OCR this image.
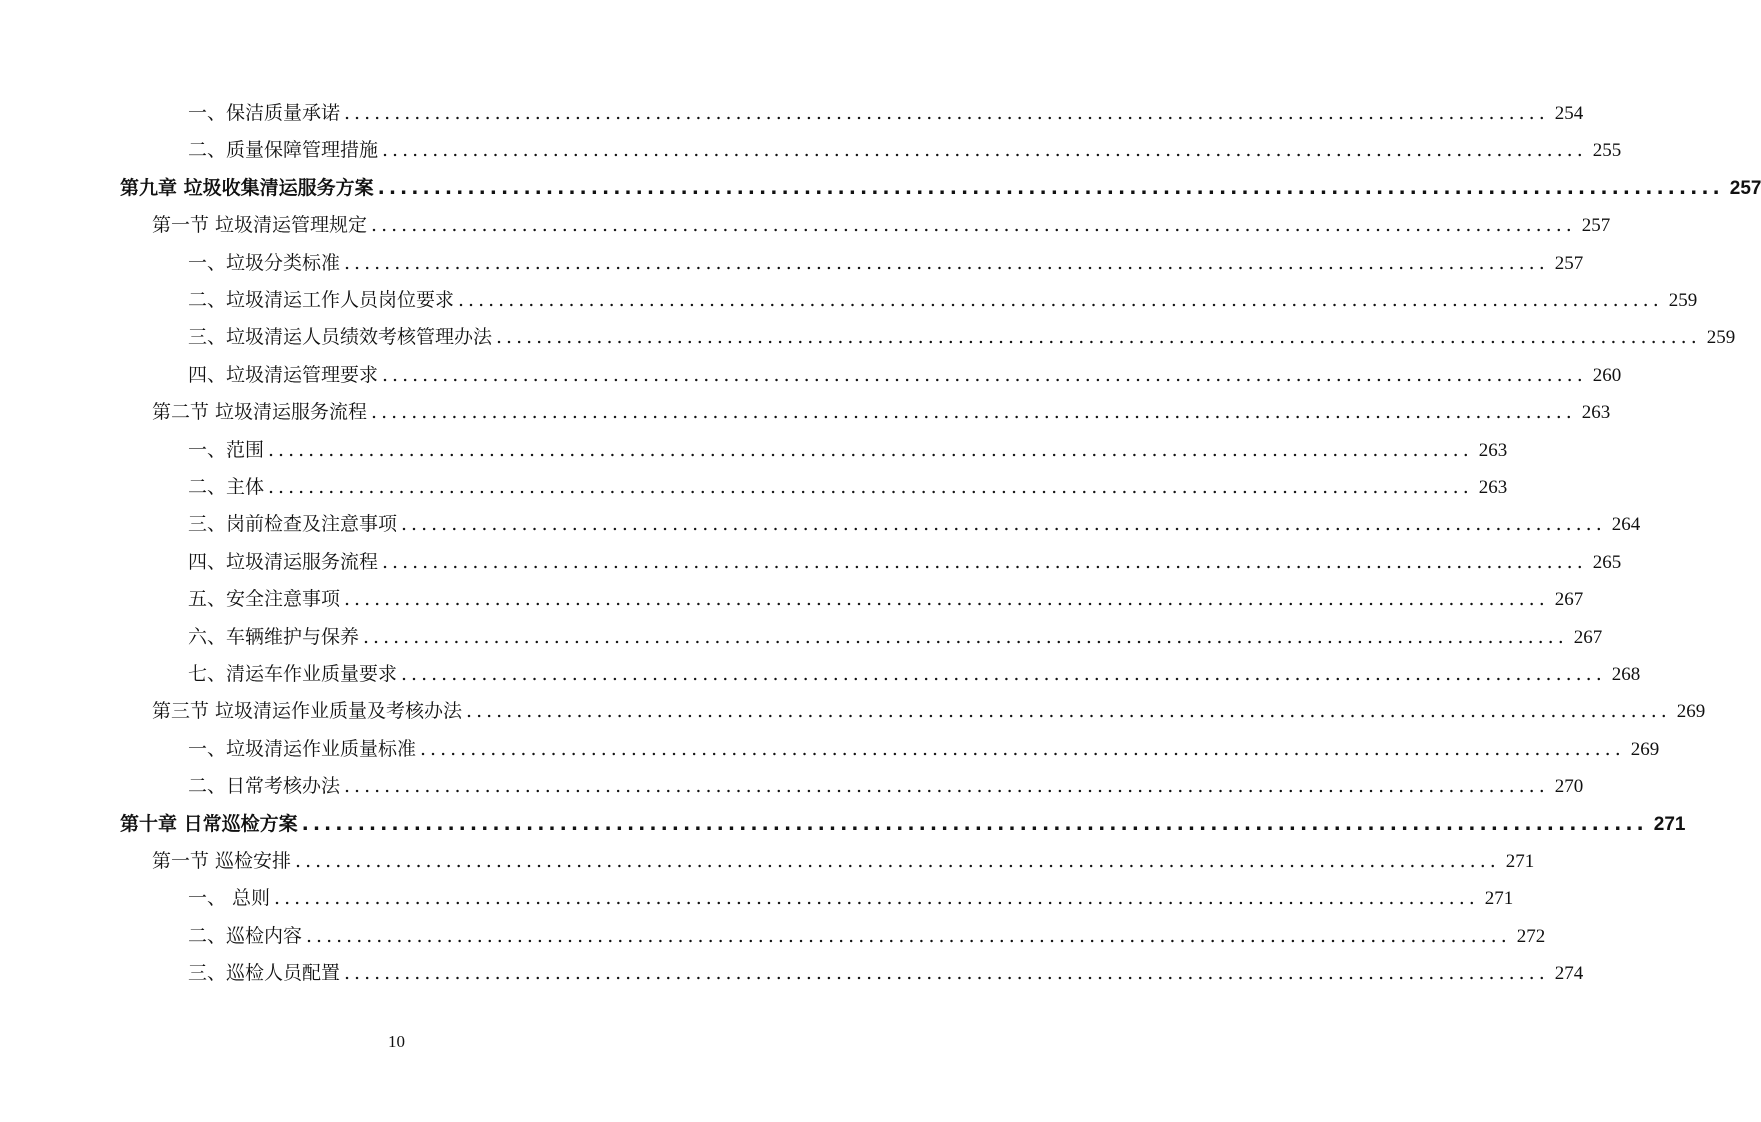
一、保洁质量承诺 ........................................................................................................................ 254
二、质量保障管理措施 ........................................................................................................................ 255
第九章 垃圾收集清运服务方案 ........................................................................................................................ 257
第一节 垃圾清运管理规定 ........................................................................................................................ 257
一、垃圾分类标准 ........................................................................................................................ 257
二、垃圾清运工作人员岗位要求 ........................................................................................................................ 259
三、垃圾清运人员绩效考核管理办法 ........................................................................................................................ 259
四、垃圾清运管理要求 ........................................................................................................................ 260
第二节 垃圾清运服务流程 ........................................................................................................................ 263
一、范围 ........................................................................................................................ 263
二、主体 ........................................................................................................................ 263
三、岗前检查及注意事项 ........................................................................................................................ 264
四、垃圾清运服务流程 ........................................................................................................................ 265
五、安全注意事项 ........................................................................................................................ 267
六、车辆维护与保养 ........................................................................................................................ 267
七、清运车作业质量要求 ........................................................................................................................ 268
第三节 垃圾清运作业质量及考核办法 ........................................................................................................................ 269
一、垃圾清运作业质量标准 ........................................................................................................................ 269
二、日常考核办法 ........................................................................................................................ 270
第十章 日常巡检方案 ........................................................................................................................ 271
第一节 巡检安排 ........................................................................................................................ 271
一、 总则 ........................................................................................................................ 271
二、巡检内容 ........................................................................................................................ 272
三、巡检人员配置 ........................................................................................................................ 274
10
